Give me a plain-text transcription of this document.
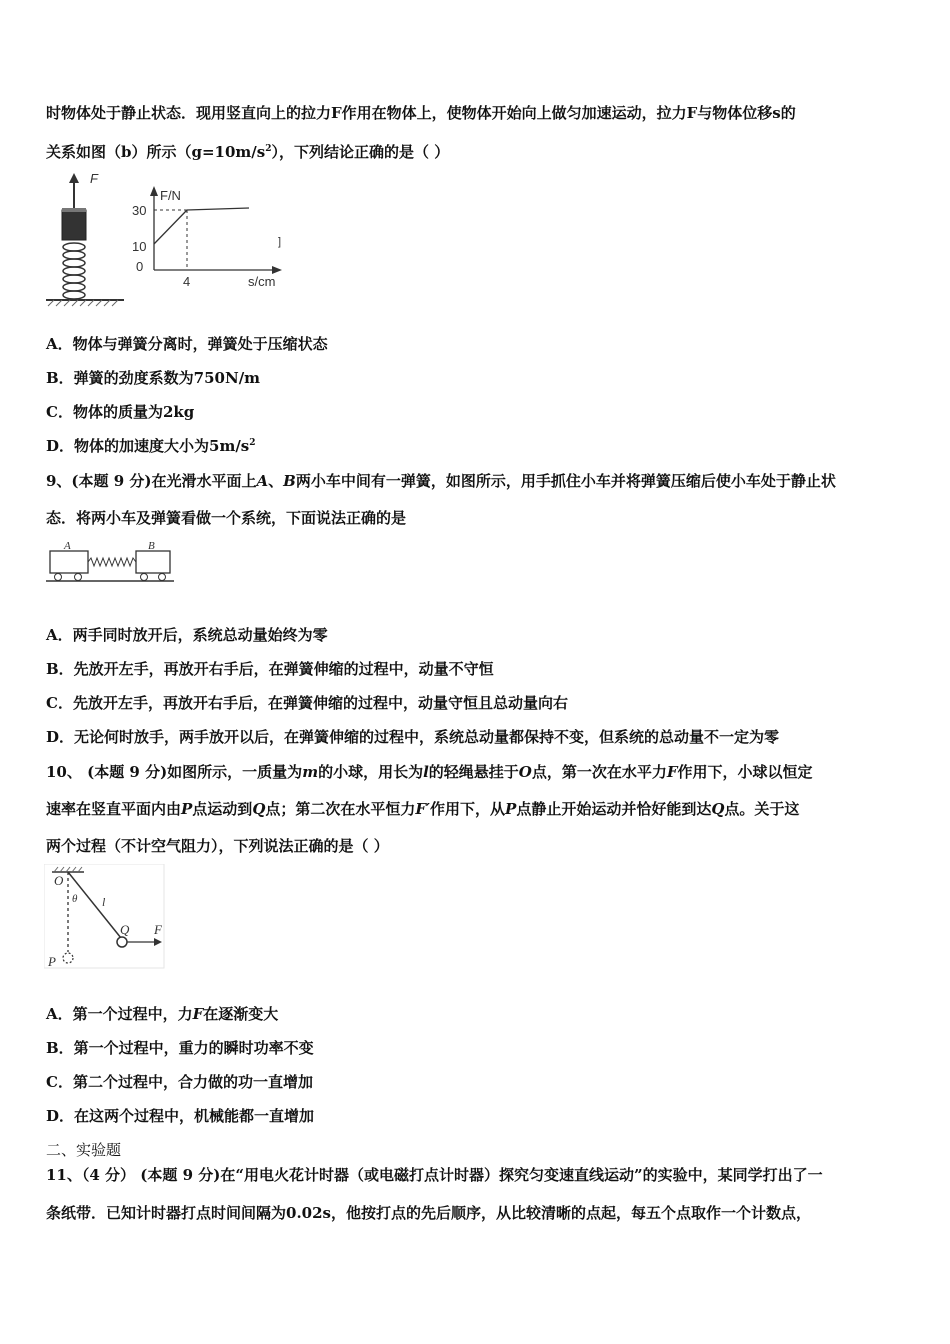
时物体处于静止状态．现用竖直向上的拉力F作用在物体上，使物体开始向上做匀加速运动，拉力F与物体位移s的
关系如图（b）所示$(g=10m/s^2)$，下列结论正确的是（ ）
F
F/N
s/cm
30
10
0
4
]
A．物体与弹簧分离时，弹簧处于压缩状态
B．弹簧的劲度系数为750N/m
C．物体的质量为2kg
D．物体的加速度大小为$5m/s^2$
9、(本题 9 分)在光滑水平面上A、B两小车中间有一弹簧，如图所示，用手抓住小车并将弹簧压缩后使小车处于静止状
态．将两小车及弹簧看做一个系统，下面说法正确的是
A	B
A．两手同时放开后，系统总动量始终为零
B．先放开左手，再放开右手后，在弹簧伸缩的过程中，动量不守恒
C．先放开左手，再放开右手后，在弹簧伸缩的过程中，动量守恒且总动量向右
D．无论何时放手，两手放开以后，在弹簧伸缩的过程中，系统总动量都保持不变，但系统的总动量不一定为零
10、 (本题 9 分)如图所示，一质量为m的小球，用长为l的轻绳悬挂于O点，第一次在水平力F作用下，小球以恒定
速率在竖直平面内由P点运动到Q点；第二次在水平恒力F′作用下，从P点静止开始运动并恰好能到达Q点。关于这
两个过程（不计空气阻力），下列说法正确的是（ ）
O
θ l
Q F
P
A．第一个过程中，力F在逐渐变大
B．第一个过程中，重力的瞬时功率不变
C．第二个过程中，合力做的功一直增加
D．在这两个过程中，机械能都一直增加
二、实验题
11、（4 分） (本题 9 分)在“用电火花计时器（或电磁打点计时器）探究匀变速直线运动”的实验中，某同学打出了一
条纸带．已知计时器打点时间间隔为0.02s，他按打点的先后顺序，从比较清晰的点起，每五个点取作一个计数点，
